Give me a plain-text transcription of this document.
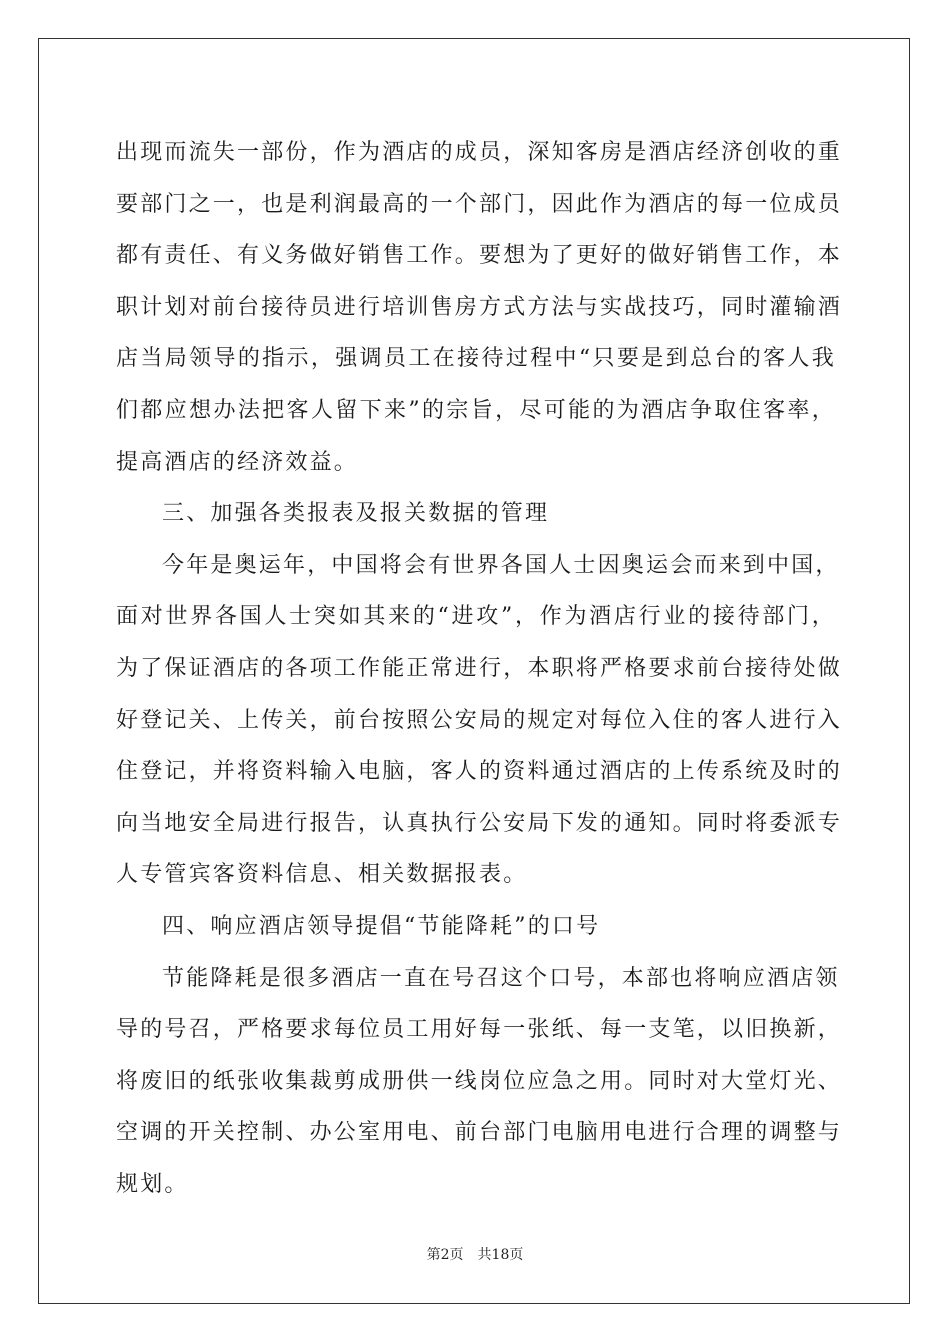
出现而流失一部份，作为酒店的成员，深知客房是酒店经济创收的重
要部门之一，也是利润最高的一个部门，因此作为酒店的每一位成员
都有责任、有义务做好销售工作。要想为了更好的做好销售工作，本
职计划对前台接待员进行培训售房方式方法与实战技巧，同时灌输酒
店当局领导的指示，强调员工在接待过程中“只要是到总台的客人我
们都应想办法把客人留下来”的宗旨，尽可能的为酒店争取住客率，
提高酒店的经济效益。
三、加强各类报表及报关数据的管理
今年是奥运年，中国将会有世界各国人士因奥运会而来到中国，
面对世界各国人士突如其来的“进攻”，作为酒店行业的接待部门，
为了保证酒店的各项工作能正常进行，本职将严格要求前台接待处做
好登记关、上传关，前台按照公安局的规定对每位入住的客人进行入
住登记，并将资料输入电脑，客人的资料通过酒店的上传系统及时的
向当地安全局进行报告，认真执行公安局下发的通知。同时将委派专
人专管宾客资料信息、相关数据报表。
四、响应酒店领导提倡“节能降耗”的口号
节能降耗是很多酒店一直在号召这个口号，本部也将响应酒店领
导的号召，严格要求每位员工用好每一张纸、每一支笔，以旧换新，
将废旧的纸张收集裁剪成册供一线岗位应急之用。同时对大堂灯光、
空调的开关控制、办公室用电、前台部门电脑用电进行合理的调整与
规划。
第2页 共18页
